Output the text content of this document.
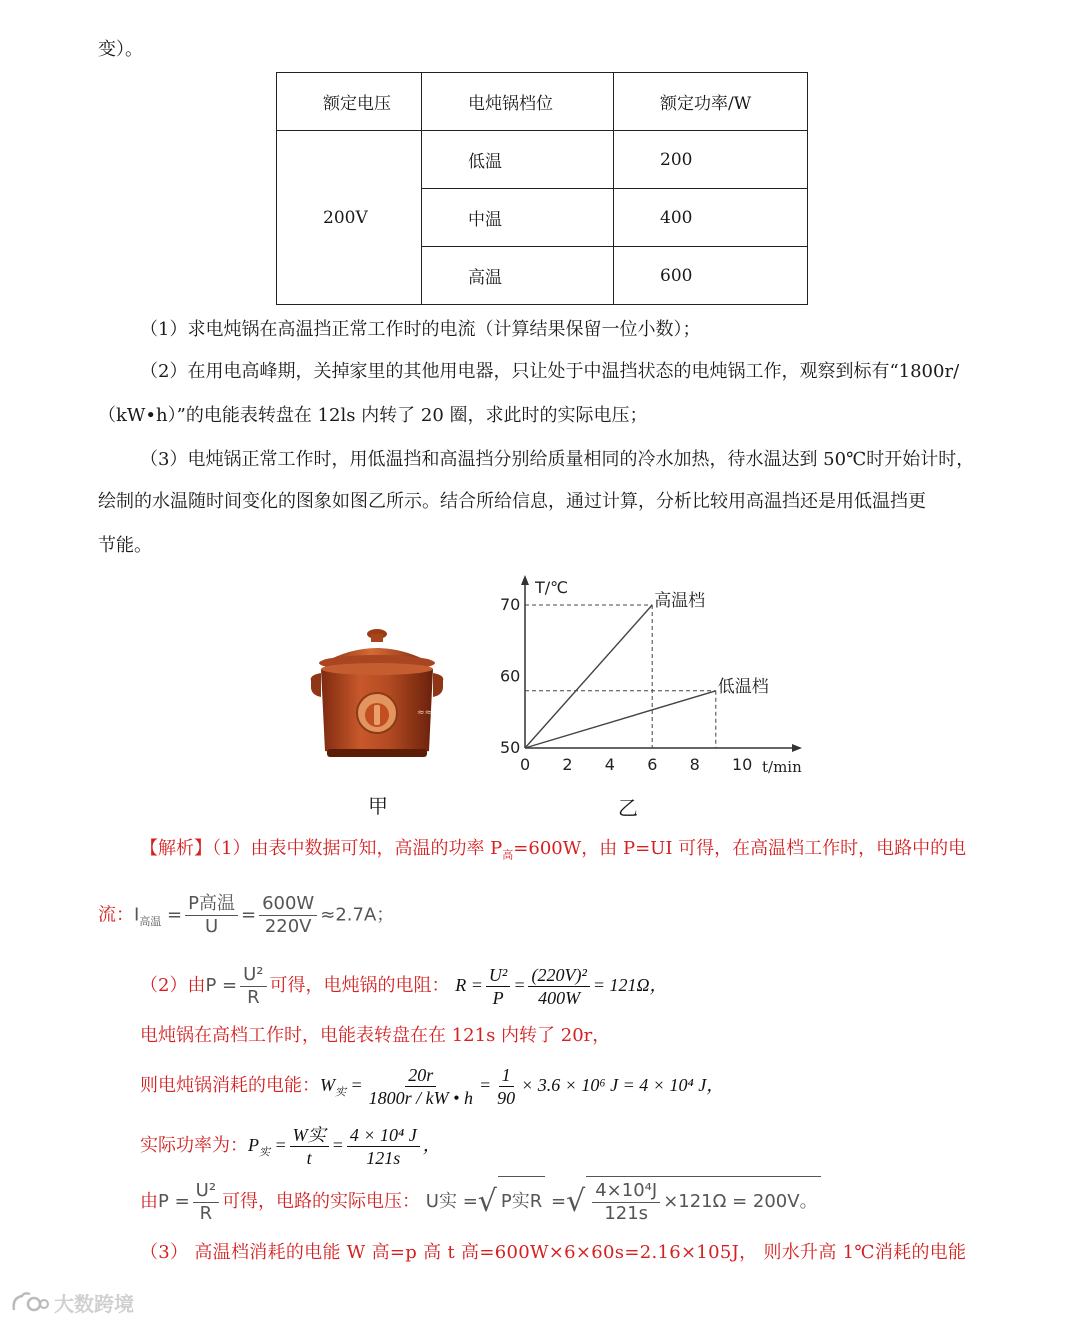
变）。
额定电压	电炖锅档位	额定功率/W
200V	低温	200
	中温	400
	高温	600
（1）求电炖锅在高温挡正常工作时的电流（计算结果保留一位小数）；
（2）在用电高峰期，关掉家里的其他用电器，只让处于中温挡状态的电炖锅工作，观察到标有“1800r/
（kW•h）”的电能表转盘在 12ls 内转了 20 圈，求此时的实际电压；
（3）电炖锅正常工作时，用低温挡和高温挡分别给质量相同的冷水加热，待水温达到 50℃时开始计时，
绘制的水温随时间变化的图象如图乙所示。结合所给信息，通过计算，分析比较用高温挡还是用低温挡更
节能。
≈≈
甲
T/℃
t/min
0 2 4 6 8 10
50
60
70	高温档
低温档
乙
【解析】（1）由表中数据可知，高温的功率 $P_高=600W$，由 P=UI 可得，在高温档工作时，电路中的电
流：$I_{高温} = \frac{\text{P高温}}{U} = \frac{600W}{220V} \approx 2.7A$；
（2）由$P = \frac{\text{U²}}{R}$ 可得，电炖锅的电阻： $R = \frac{\text{U²}}{P} = \frac{\text{(220V)²}}{400W} = 121\Omega$，
电炖锅在高档工作时，电能表转盘在在 121s 内转了 20r，
则电炖锅消耗的电能：$W_实 = \frac{20r}{1800r / kW • h} = \frac{1}{90} \times 3.6 \times 10^6$ J = 4 × 10⁴ J，
实际功率为：$P_实 = \frac{\text{W实}}{t} = \frac{\text{4 × 10⁴ J}}{121s}$ ，
由$P = \frac{\text{U²}}{R}$ 可得，电路的实际电压： U实 =√ P实R =√ $\frac{\text{4×10⁴J}}{121s} \times 121\Omega = 200V$。
（3） 高温档消耗的电能 W 高=p 高 t 高=600W×6×60s=2.16×105J， 则水升高 1℃消耗的电能
大数跨境
